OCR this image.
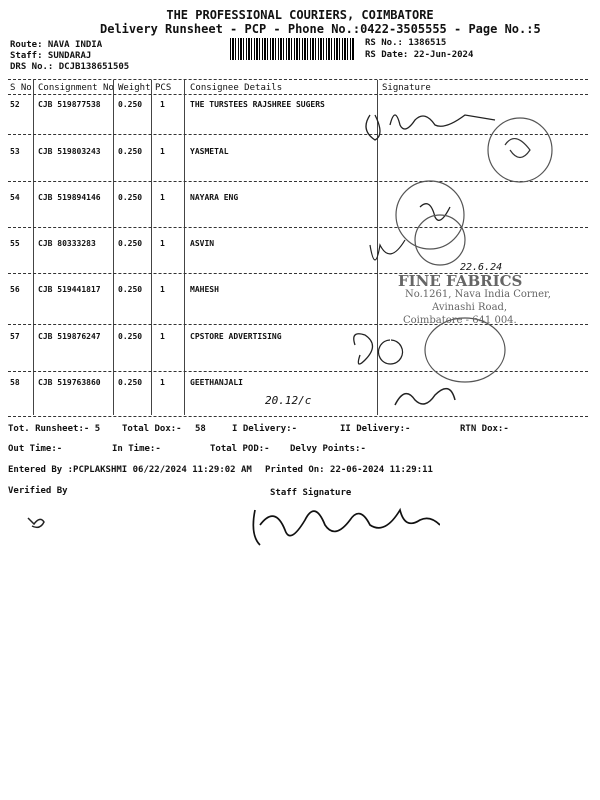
THE PROFESSIONAL COURIERS, COIMBATORE
Delivery Runsheet - PCP - Phone No.:0422-3505555 - Page No.:5
Route: NAVA INDIA
Staff: SUNDARAJ
DRS No.: DCJB138651505
RS No.: 1386515
RS Date: 22-Jun-2024
S No Consignment No Weight PCS Consignee Details	Signature
52 CJB 519877538 0.250 1	THE TURSTEES RAJSHREE SUGERS
53 CJB 519803243 0.250 1	YASMETAL
54 CJB 519894146 0.250 1	NAYARA ENG
55 CJB 80333283	0.250 1	ASVIN
56 CJB 519441817 0.250 1	MAHESH
57 CJB 519876247 0.250 1	CPSTORE ADVERTISING
58 CJB 519763860 0.250 1	GEETHANJALI
FINE FABRICS
No.1261, Nava India Corner,
Avinashi Road,
Coimbatore - 641 004.
22.6.24
20.12/c
Tot. Runsheet:- 5 Total Dox:- 58	I Delivery:-	II Delivery:-	RTN Dox:-
Out Time:-	In Time:-	Total POD:- Delvy Points:-
Entered By :PCPLAKSHMI 06/22/2024 11:29:02 AM Printed On: 22-06-2024 11:29:11
Verified By	Staff Signature
